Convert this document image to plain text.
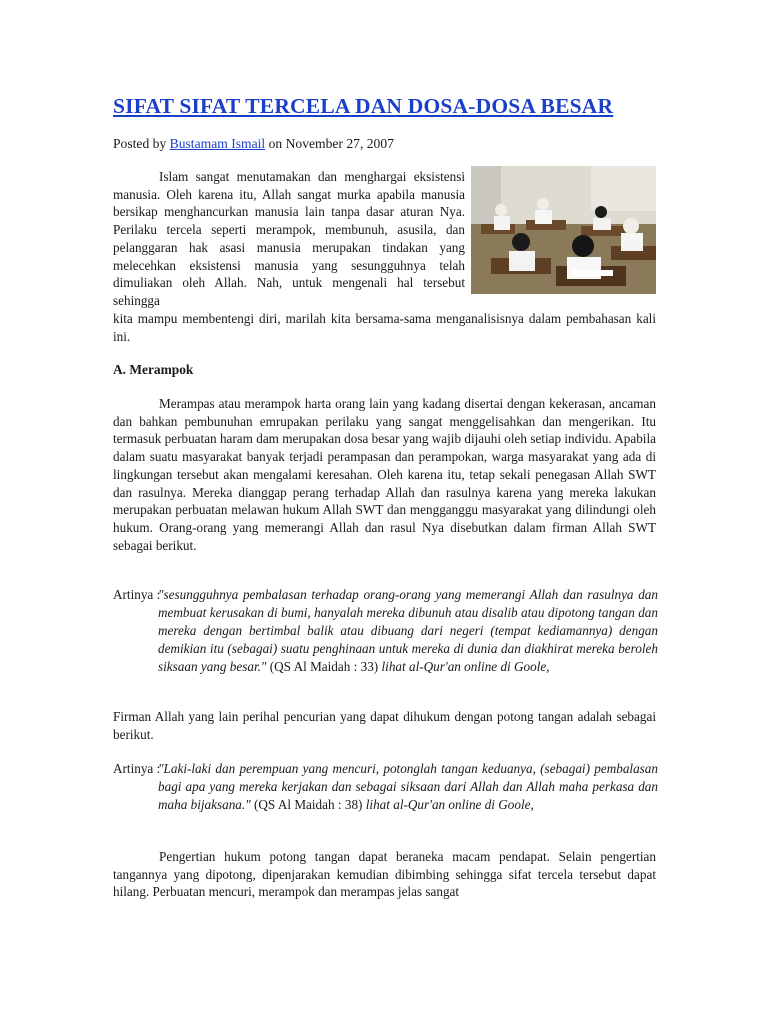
SIFAT SIFAT TERCELA DAN DOSA-DOSA BESAR
Posted by Bustamam Ismail on November 27, 2007

Islam sangat menutamakan dan menghargai eksistensi manusia. Oleh karena itu, Allah sangat murka apabila manusia bersikap menghancurkan manusia lain tanpa dasar aturan Nya. Perilaku tercela seperti merampok, membunuh, asusila, dan pelanggaran hak asasi manusia merupakan tindakan yang melecehkan eksistensi manusia yang sesungguhnya telah dimuliakan oleh Allah. Nah, untuk mengenali hal tersebut sehingga

kita mampu membentengi diri, marilah kita bersama-sama menganalisisnya dalam pembahasan kali ini.

A. Merampok

Merampas atau merampok harta orang lain yang kadang disertai dengan kekerasan, ancaman dan bahkan pembunuhan emrupakan perilaku yang sangat menggelisahkan dan mengerikan. Itu termasuk perbuatan haram dam merupakan dosa besar yang wajib dijauhi oleh setiap individu. Apabila dalam suatu masyarakat banyak terjadi perampasan dan perampokan, warga masyarakat yang ada di lingkungan tersebut akan mengalami keresahan. Oleh karena itu, tetap sekali penegasan Allah SWT dan rasulnya. Mereka dianggap perang terhadap Allah dan rasulnya karena yang mereka lakukan merupakan perbuatan melawan hukum Allah SWT dan mengganggu masyarakat yang dilindungi oleh hukum. Orang-orang yang memerangi Allah dan rasul Nya disebutkan dalam firman Allah SWT sebagai berikut.

Artinya :
"sesungguhnya pembalasan terhadap orang-orang yang memerangi Allah dan rasulnya dan membuat kerusakan di bumi, hanyalah mereka dibunuh atau disalib atau dipotong tangan dan mereka dengan bertimbal balik atau dibuang dari negeri (tempat kediamannya) dengan demikian itu (sebagai) suatu penghinaan untuk mereka di dunia dan diakhirat mereka beroleh siksaan yang besar." (QS Al Maidah : 33) lihat al-Qur'an online di Goole,

Firman Allah yang lain perihal pencurian yang dapat dihukum dengan potong tangan adalah sebagai berikut.

Artinya :
"Laki-laki dan perempuan yang mencuri, potonglah tangan keduanya, (sebagai) pembalasan bagi apa yang mereka kerjakan dan sebagai siksaan dari Allah dan Allah maha perkasa dan maha bijaksana." (QS Al Maidah : 38) lihat al-Qur'an online di Goole,

Pengertian hukum potong tangan dapat beraneka macam pendapat. Selain pengertian tangannya yang dipotong, dipenjarakan kemudian dibimbing sehingga sifat tercela tersebut dapat hilang. Perbuatan mencuri, merampok dan merampas jelas sangat
